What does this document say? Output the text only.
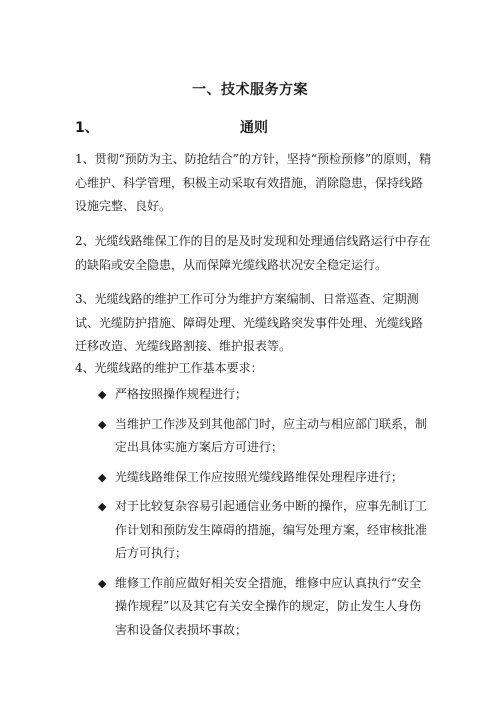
一、技术服务方案
1、	通则

1、贯彻“预防为主、防抢结合”的方针，坚持“预检预修”的原则，精心维护、科学管理，积极主动采取有效措施，消除隐患，保持线路设施完整、良好。

2、光缆线路维保工作的目的是及时发现和处理通信线路运行中存在的缺陷或安全隐患，从而保障光缆线路状况安全稳定运行。

3、光缆线路的维护工作可分为维护方案编制、日常巡查、定期测试、光缆防护措施、障碍处理、光缆线路突发事件处理、光缆线路迁移改造、光缆线路割接、维护报表等。

4、光缆线路的维护工作基本要求：

◆ 严格按照操作规程进行；
◆ 当维护工作涉及到其他部门时，应主动与相应部门联系，制定出具体实施方案后方可进行；
◆ 光缆线路维保工作应按照光缆线路维保处理程序进行；
◆ 对于比较复杂容易引起通信业务中断的操作，应事先制订工作计划和预防发生障碍的措施，编写处理方案，经审核批准后方可执行；
◆ 维修工作前应做好相关安全措施，维修中应认真执行“安全操作规程”以及其它有关安全操作的规定，防止发生人身伤害和设备仪表损坏事故；
